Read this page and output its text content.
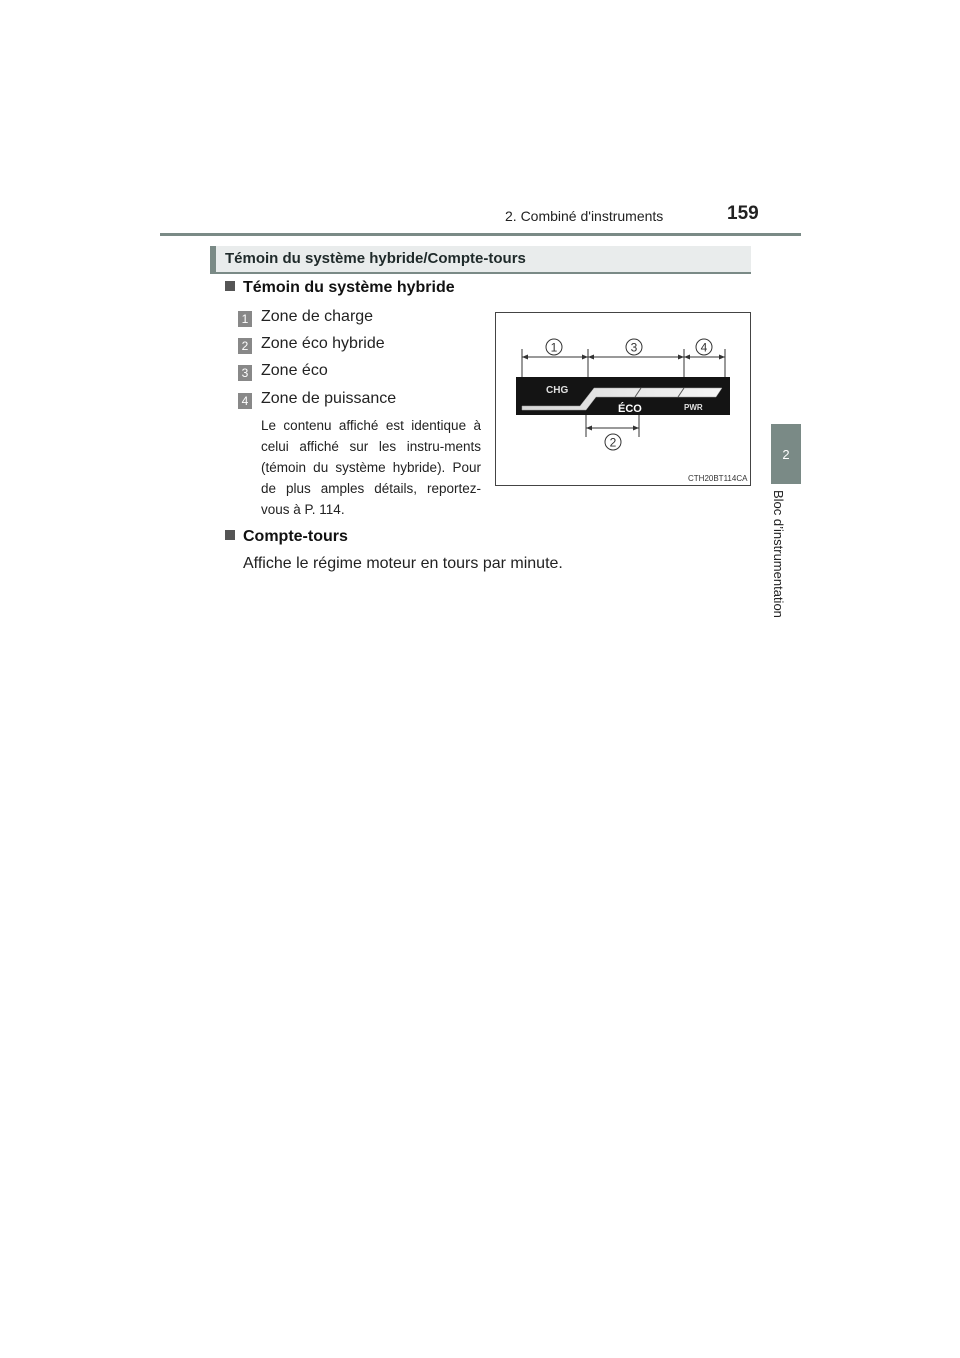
2. Combiné d'instruments	159
2
Bloc d’instrumentation
Témoin du système hybride/Compte-tours
Témoin du système hybride
1 Zone de charge
2 Zone éco hybride
3 Zone éco
4 Zone de puissance
Le contenu affiché est identique à celui affiché sur les instru-ments (témoin du système hybride). Pour de plus amples détails, reportez-vous à P. 114.
1	3	4
2
CHG
ÉCO	PWR
CTH20BT114CA
Compte-tours
Affiche le régime moteur en tours par minute.
